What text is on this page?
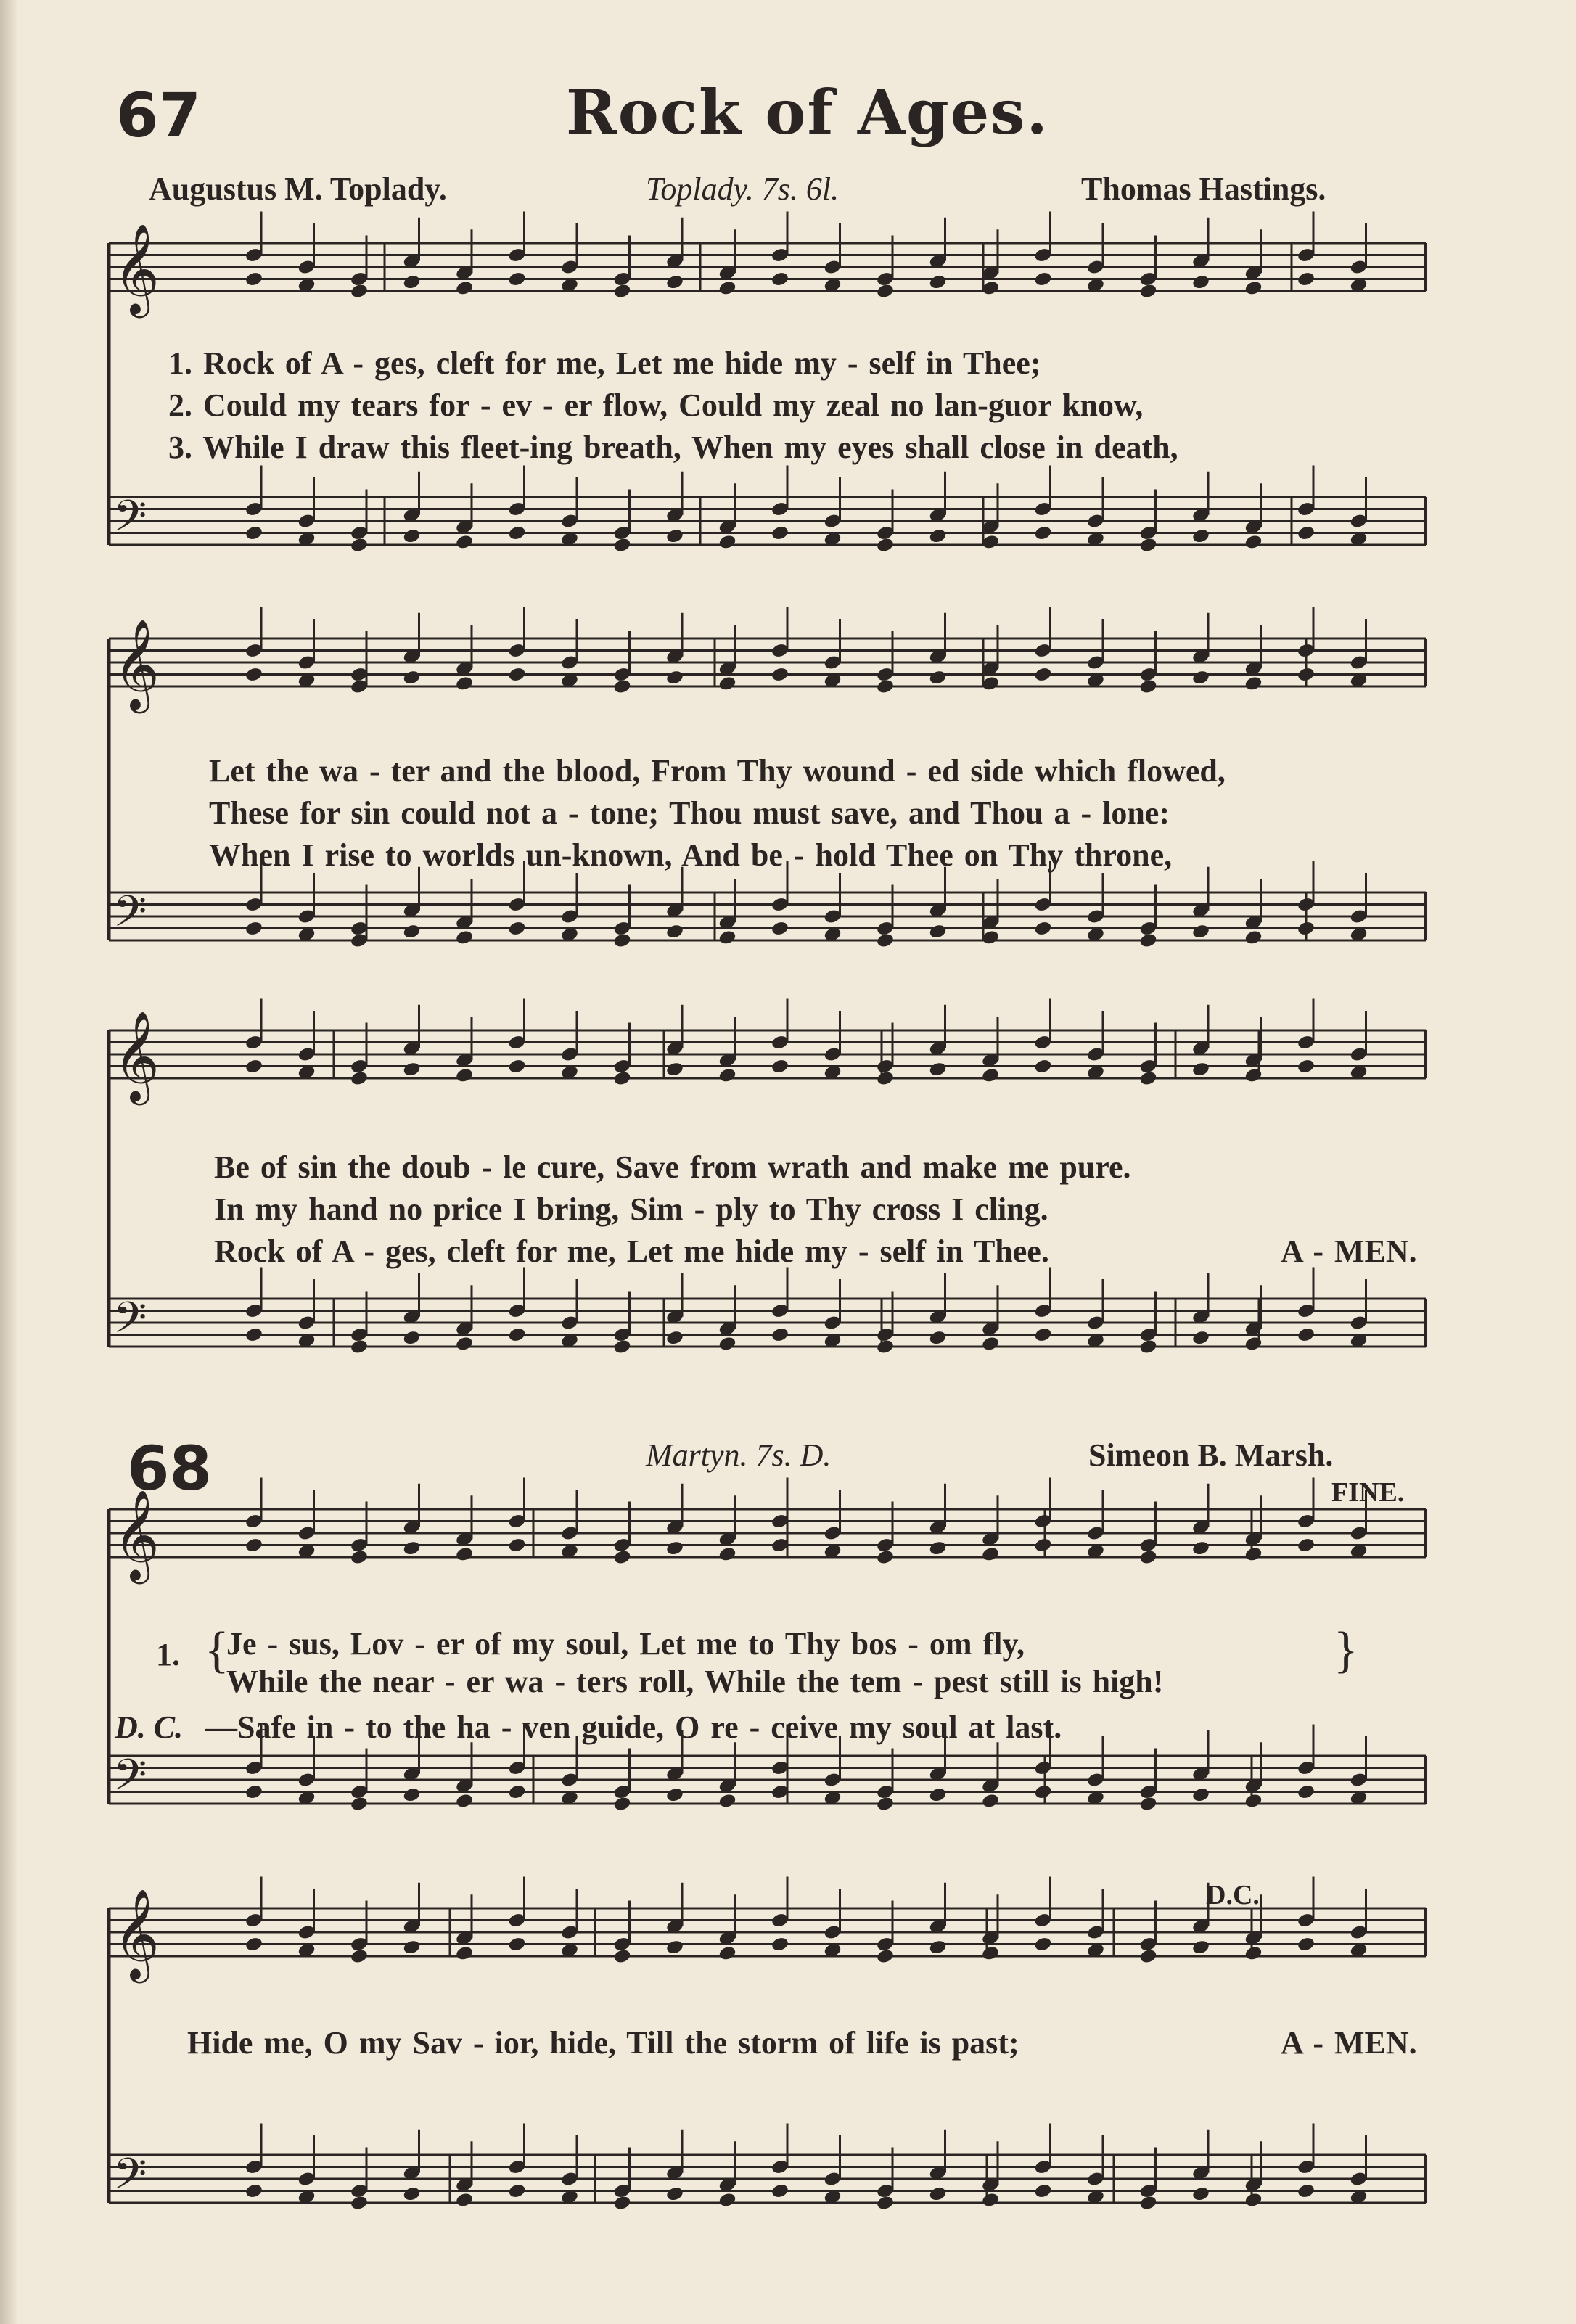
67	Rock of Ages.
Augustus M. Toplady.	Toplady. 7s. 6l.	Thomas Hastings.
𝄞
𝄢
𝄞
𝄢
𝄞
𝄢
𝄞
𝄢
𝄞
𝄢
1. Rock of A - ges, cleft for me, Let me hide my - self in Thee;
2. Could my tears for - ev - er flow, Could my zeal no lan-guor know,
3. While I draw this fleet-ing breath, When my eyes shall close in death,
Let the wa - ter and the blood, From Thy wound - ed side which flowed,
These for sin could not a - tone; Thou must save, and Thou a - lone:
When I rise to worlds un-known, And be - hold Thee on Thy throne,
Be of sin the doub - le cure, Save from wrath and make me pure.
In my hand no price I bring, Sim - ply to Thy cross I cling.
Rock of A - ges, cleft for me, Let me hide my - self in Thee.	A - MEN.
68	Martyn. 7s. D.	Simeon B. Marsh.
FINE.
1. {
Je - sus, Lov - er of my soul, Let me to Thy bos - om fly,
While the near - er wa - ters roll, While the tem - pest still is high!
}
D. C. —Safe in - to the ha - ven guide, O re - ceive my soul at last.
D.C.
Hide me, O my Sav - ior, hide, Till the storm of life is past;	A - MEN.
